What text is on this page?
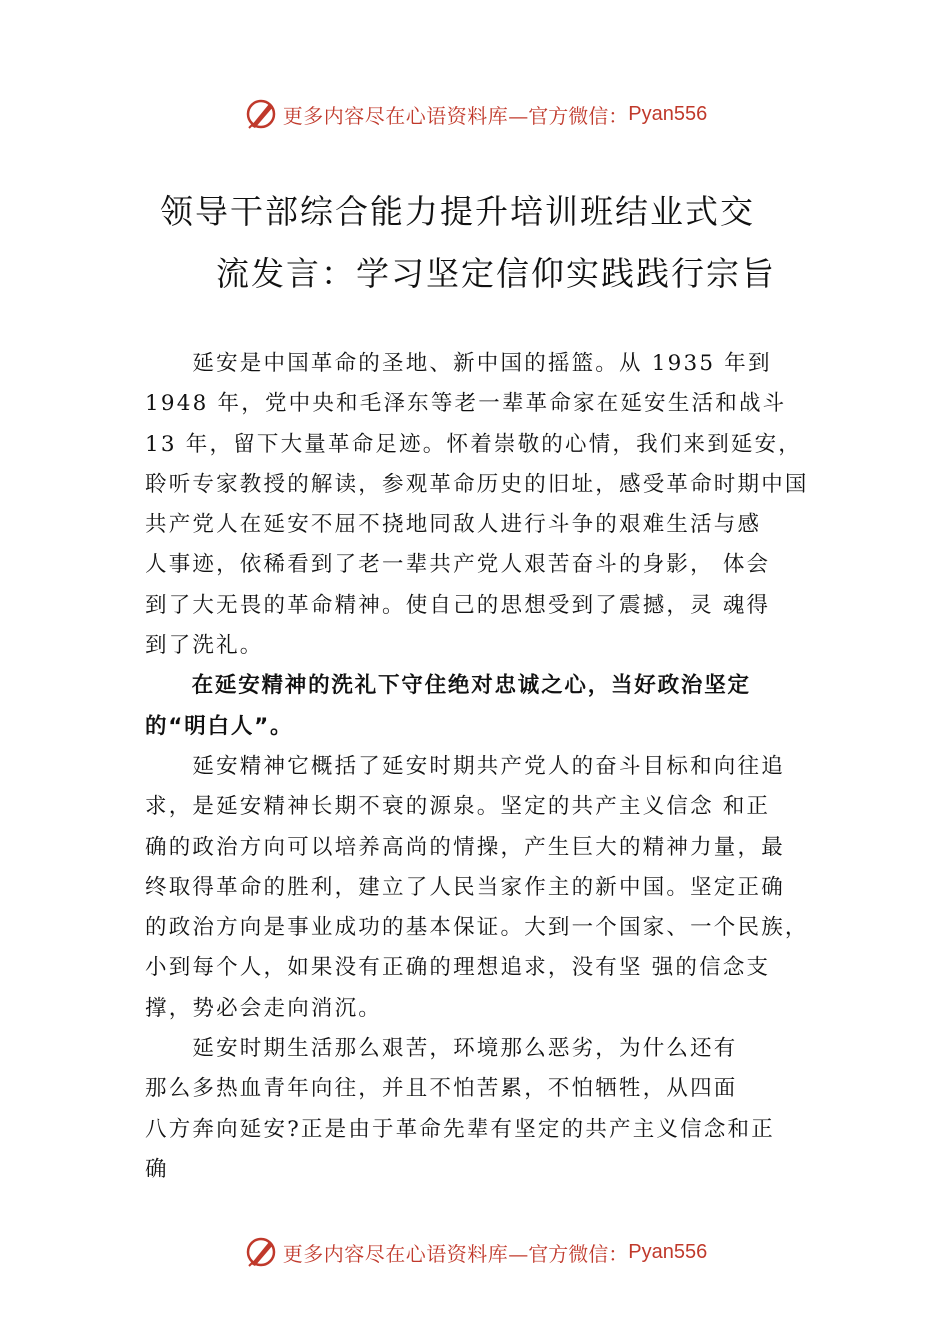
更多内容尽在心语资料库 —官方微信： Pyan556
领导干部综合能力提升培训班结业式交
流发言：学习坚定信仰实践践行宗旨
　　延安是中国革命的圣地、新中国的摇篮。从 1935 年到
1948 年，党中央和毛泽东等老一辈革命家在延安生活和战斗
13 年，留下大量革命足迹。怀着崇敬的心情，我们来到延安，
聆听专家教授的解读，参观革命历史的旧址，感受革命时期中国
共产党人在延安不屈不挠地同敌人进行斗争的艰难生活与感
人事迹，依稀看到了老一辈共产党人艰苦奋斗的身影， 体会
到了大无畏的革命精神。使自己的思想受到了震撼，灵 魂得
到了洗礼。
　　在延安精神的洗礼下守住绝对忠诚之心，当好政治坚定
的“明白人”。
　　延安精神它概括了延安时期共产党人的奋斗目标和向往追
求，是延安精神长期不衰的源泉。坚定的共产主义信念 和正
确的政治方向可以培养高尚的情操，产生巨大的精神力量，最
终取得革命的胜利，建立了人民当家作主的新中国。坚定正确
的政治方向是事业成功的基本保证。大到一个国家、一个民族，
小到每个人，如果没有正确的理想追求，没有坚 强的信念支
撑，势必会走向消沉。
　　延安时期生活那么艰苦，环境那么恶劣，为什么还有
那么多热血青年向往，并且不怕苦累，不怕牺牲，从四面
八方奔向延安?正是由于革命先辈有坚定的共产主义信念和正
确
更多内容尽在心语资料库 —官方微信： Pyan556
